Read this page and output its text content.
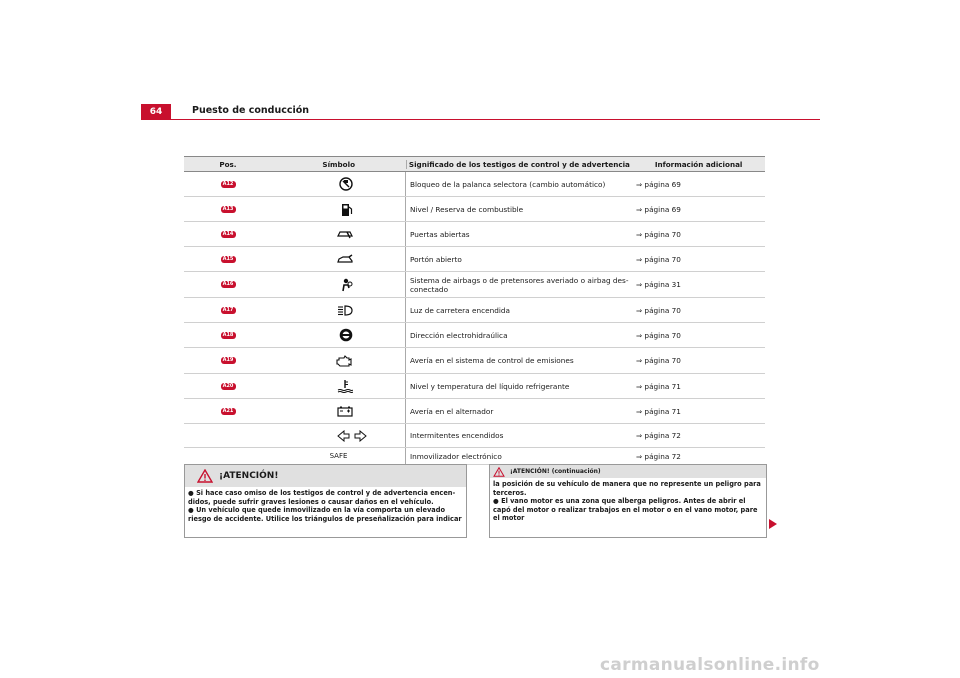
64	Puesto de conducción
Pos.	Símbolo	Significado de los testigos de control y de advertencia	Información adicional
A12	Bloqueo de la palanca selectora (cambio automático)	⇒ página 69
A13	Nivel / Reserva de combustible	⇒ página 69
A14	Puertas abiertas	⇒ página 70
A15	Portón abierto	⇒ página 70
A16	Sistema de airbags o de pretensores averiado o airbag des-conectado	⇒ página 31
A17	Luz de carretera encendida	⇒ página 70
A18	Dirección electrohidraúlica	⇒ página 70
A19	Avería en el sistema de control de emisiones	⇒ página 70
A20	Nivel y temperatura del líquido refrigerante	⇒ página 71
A21	Avería en el alternador	⇒ página 71
Intermitentes encendidos	⇒ página 72
SAFE	Inmovilizador electrónico	⇒ página 72
¡ATENCIÓN!
● Si hace caso omiso de los testigos de control y de advertencia encen-didos, puede sufrir graves lesiones o causar daños en el vehículo.
● Un vehículo que quede inmovilizado en la vía comporta un elevado riesgo de accidente. Utilice los triángulos de preseñalización para indicar
¡ATENCIÓN! (continuación)
la posición de su vehículo de manera que no represente un peligro para terceros.
● El vano motor es una zona que alberga peligros. Antes de abrir el capó del motor o realizar trabajos en el motor o en el vano motor, pare el motor
carmanualsonline.info
